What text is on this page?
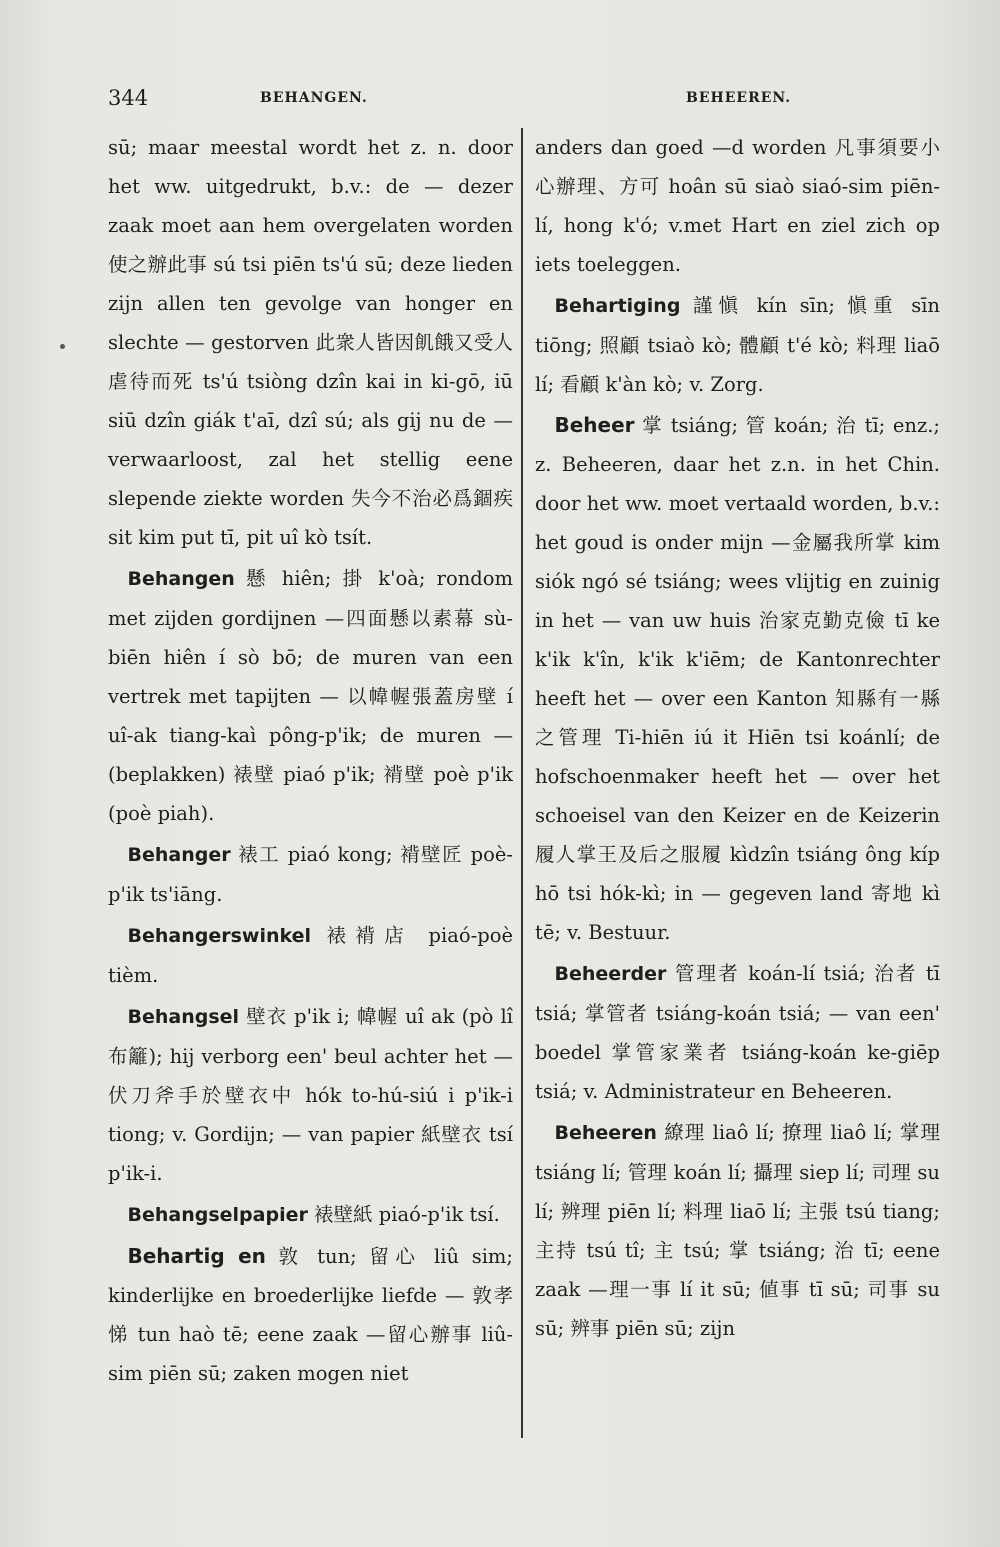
344	BEHANGEN.	BEHEEREN.

sū; maar meestal wordt het z. n. door het ww. uitgedrukt, b.v.: de — dezer zaak moet aan hem overgelaten worden 使之辦此事 sú tsi piēn ts'ú sū; deze lieden zijn allen ten gevolge van honger en slechte — gestorven 此衆人皆因飢餓又受人虐待而死 ts'ú tsiòng dzîn kai in ki-gō, iū siū dzîn giák t'aī, dzî sú; als gij nu de — verwaarloost, zal het stellig eene slepende ziekte worden 失今不治必爲錮疾 sit kim put tī, pit uî kò tsít.

 Behangen 懸 hiên; 掛 k'oà; rondom met zijden gordijnen —四面懸以素幕 sù-biēn hiên í sò bō; de muren van een vertrek met tapijten — 以幃幄張蓋房壁 í uî-ak tiang-kaì pông-p'ik; de muren — (beplakken) 裱壁 piaó p'ik; 褙壁 poè p'ik (poè piah).

 Behanger 裱工 piaó kong; 褙壁匠 poè-p'ik ts'iāng.

 Behangerswinkel 裱褙店 piaó-poè tièm.

 Behangsel 壁衣 p'ik i; 幃幄 uî ak (pò lî 布籬); hij verborg een' beul achter het —伏刀斧手於壁衣中 hók to-hú-siú i p'ik-i tiong; v. Gordijn; — van papier 紙壁衣 tsí p'ik-i.

 Behangselpapier 裱壁紙 piaó-p'ik tsí.

 Behartig en 敦 tun; 留心 liû sim; kinderlijke en broederlijke liefde — 敦孝悌 tun haò tē; eene zaak —留心辦事 liû-sim piēn sū; zaken mogen niet

anders dan goed —d worden 凡事須要小心辦理、方可 hoân sū siaò siaó-sim piēn-lí, hong k'ó; v.met Hart en ziel zich op iets toeleggen.

 Behartiging 謹愼 kín sīn; 愼重 sīn tiōng; 照顧 tsiaò kò; 體顧 t'é kò; 料理 liaō lí; 看顧 k'àn kò; v. Zorg.

 Beheer 掌 tsiáng; 管 koán; 治 tī; enz.; z. Beheeren, daar het z.n. in het Chin. door het ww. moet vertaald worden, b.v.: het goud is onder mijn —金屬我所掌 kim siók ngó sé tsiáng; wees vlijtig en zuinig in het — van uw huis 治家克勤克儉 tī ke k'ik k'în, k'ik k'iēm; de Kantonrechter heeft het — over een Kanton 知縣有一縣之管理 Ti-hiēn iú it Hiēn tsi koánlí; de hofschoenmaker heeft het — over het schoeisel van den Keizer en de Keizerin 履人掌王及后之服履 kìdzîn tsiáng ông kíp hō tsi hók-kì; in — gegeven land 寄地 kì tē; v. Bestuur.

 Beheerder 管理者 koán-lí tsiá; 治者 tī tsiá; 掌管者 tsiáng-koán tsiá; — van een' boedel 掌管家業者 tsiáng-koán ke-giēp tsiá; v. Administrateur en Beheeren.

 Beheeren 繚理 liaô lí; 撩理 liaô lí; 掌理 tsiáng lí; 管理 koán lí; 攝理 siep lí; 司理 su lí; 辨理 piēn lí; 料理 liaō lí; 主張 tsú tiang; 主持 tsú tî; 主 tsú; 掌 tsiáng; 治 tī; eene zaak —理一事 lí it sū; 値事 tī sū; 司事 su sū; 辨事 piēn sū; zijn
